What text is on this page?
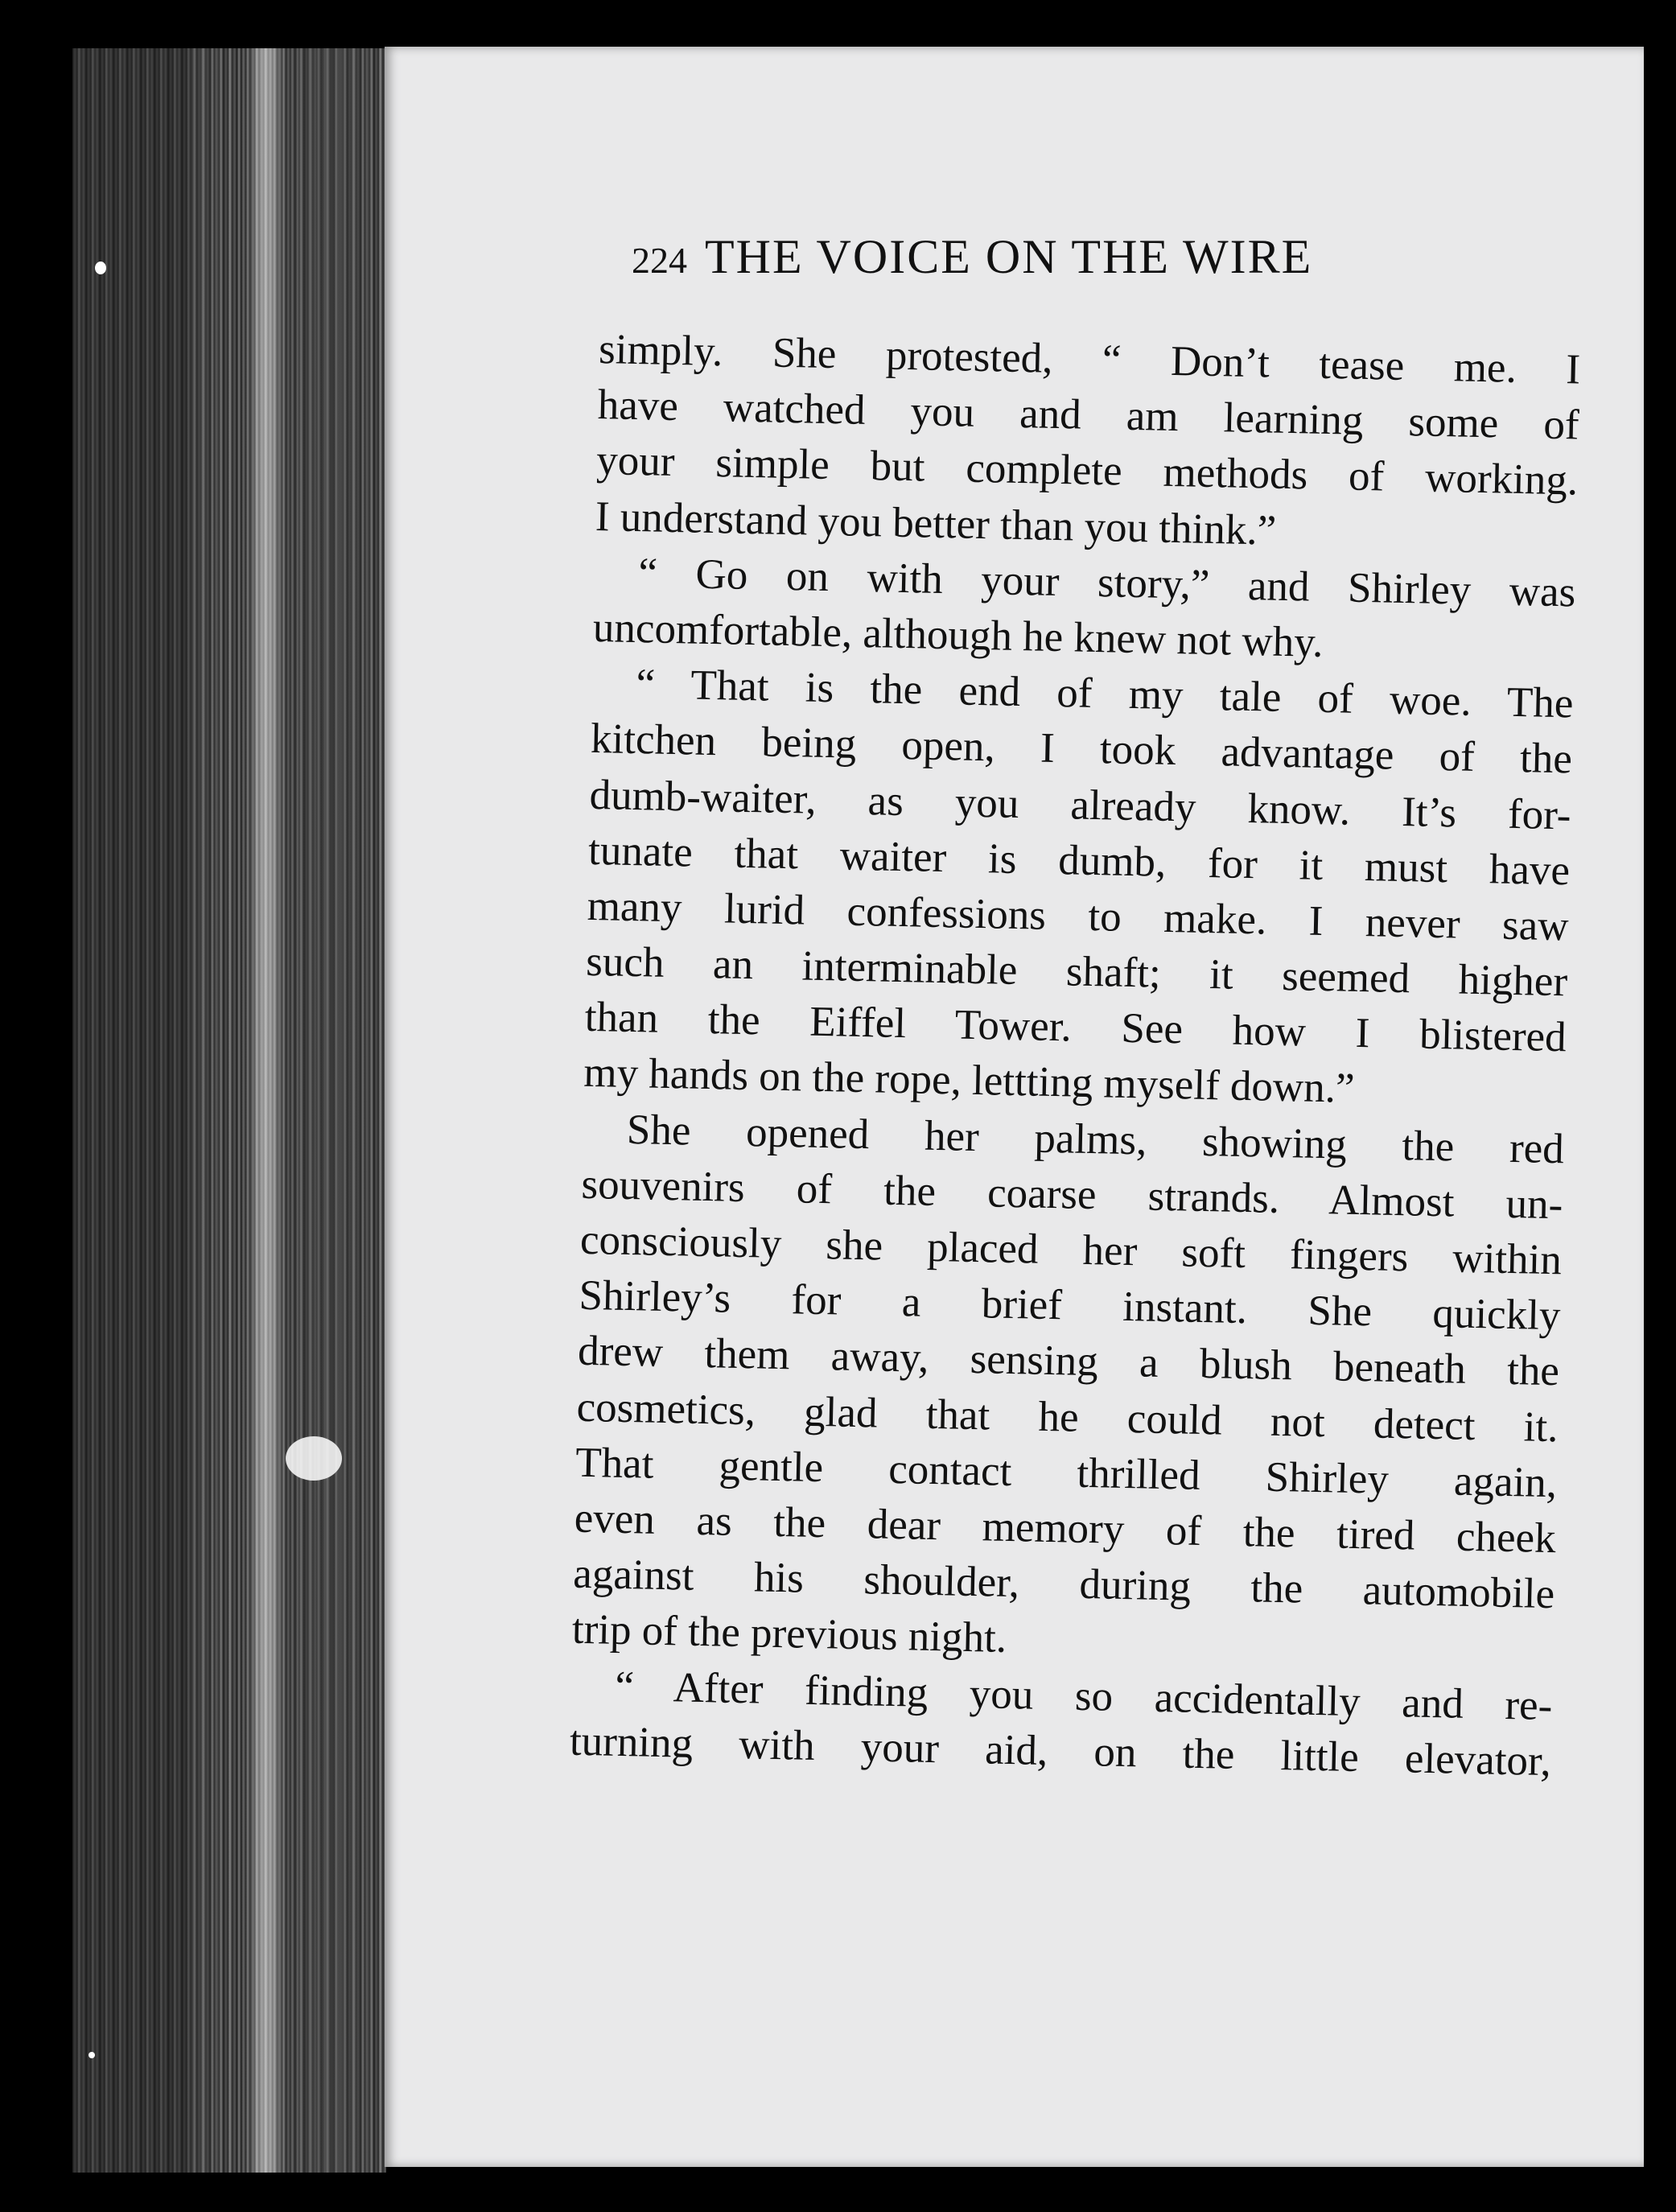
224 THE VOICE ON THE WIRE
simply. She protested, “ Don’t tease me. I
have watched you and am learning some of
your simple but complete methods of working.
I understand you better than you think.”
“ Go on with your story,” and Shirley was
uncomfortable, although he knew not why.
“ That is the end of my tale of woe. The
kitchen being open, I took advantage of the
dumb-waiter, as you already know. It’s for-
tunate that waiter is dumb, for it must have
many lurid confessions to make. I never saw
such an interminable shaft; it seemed higher
than the Eiffel Tower. See how I blistered
my hands on the rope, lettting myself down.”
She opened her palms, showing the red
souvenirs of the coarse strands. Almost un-
consciously she placed her soft fingers within
Shirley’s for a brief instant. She quickly
drew them away, sensing a blush beneath the
cosmetics, glad that he could not detect it.
That gentle contact thrilled Shirley again,
even as the dear memory of the tired cheek
against his shoulder, during the automobile
trip of the previous night.
“ After finding you so accidentally and re-
turning with your aid, on the little elevator,
